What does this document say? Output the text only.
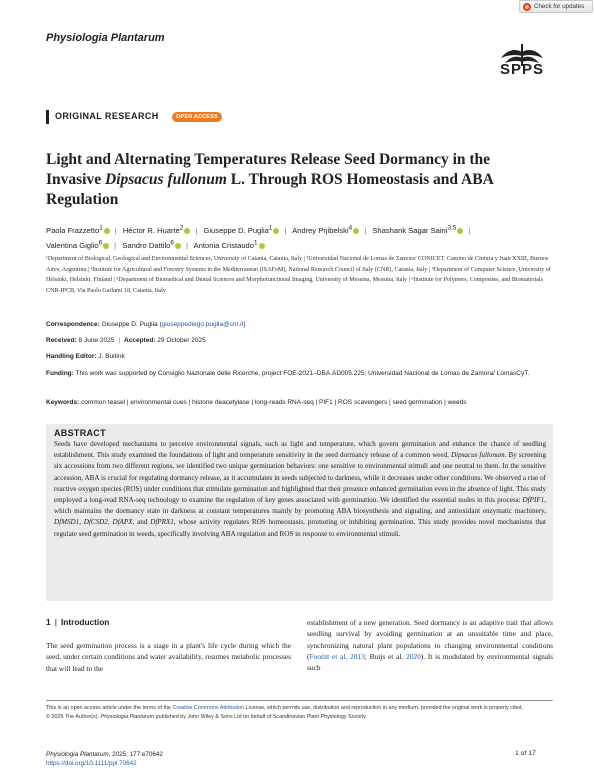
Check for updates
Physiologia Plantarum
SPPS
ORIGINAL RESEARCH	OPEN ACCESS
Light and Alternating Temperatures Release Seed Dormancy in the Invasive Dipsacus fullonum L. Through ROS Homeostasis and ABA Regulation
Paola Frazzetto$^1$ | Héctor R. Huarte$^2$ | Giuseppe D. Puglia$^1$ | Andrey Prjibelski$^4$ | Shashank Sagar Saini$^{3,5}$ |
Valentina Giglio$^6$ | Sandro Dattilo$^6$ | Antonia Cristaudo$^1$
¹Department of Biological, Geological and Environmental Sciences, University of Catania, Catania, Italy | ²Universidad Nacional de Lomas de Zamora/ CONICET. Camino de Cintura y Juan XXIII, Buenos Aires, Argentina | ³Institute for Agricultural and Forestry Systems in the Mediterranean (ISAFoM), National Research Council of Italy (CNR), Catania, Italy | ⁴Department of Computer Science, University of Helsinki, Helsinki, Finland | ⁵Department of Biomedical and Dental Sciences and Morphofunctional Imaging, University of Messina, Messina, Italy | ⁶Institute for Polymers, Composites, and Biomaterials CNR-IPCB, Via Paolo Gaifami 18, Catania, Italy
Correspondence: Giuseppe D. Puglia (giuseppediego.puglia@cnr.it)
Received: 8 June 2025 | Accepted: 29 October 2025
Handling Editor: J. Buitink
Funding: This work was supported by Consiglio Nazionale delle Ricerche, project FOE-2021–DBA.AD005.225; Universidad Nacional de Lomas de Zamora/ LomasCyT.
Keywords: common teasel | environmental cues | histone deacetylase | long-reads RNA-seq | PIF1 | ROS scavengers | seed germination | weeds
ABSTRACT
Seeds have developed mechanisms to perceive environmental signals, such as light and temperature, which govern germination and enhance the chance of seedling establishment. This study examined the foundations of light and temperature sensitivity in the seed dormancy release of a common weed, Dipsacus fullonum. By screening six accessions from two different regions, we identified two unique germination behaviors: one sensitive to environmental stimuli and one neutral to them. In the sensitive accession, ABA is crucial for regulating dormancy release, as it accumulates in seeds subjected to darkness, while it decreases under other conditions. We observed a rise of reactive oxygen species (ROS) under conditions that stimulate germination and highlighted that their presence enhanced germination even in the absence of light. This study employed a long-read RNA-seq technology to examine the regulation of key genes associated with germination. We identified the essential nodes in this process: DfPIF1, which maintains the dormancy state in darkness at constant temperatures mainly by promoting ABA biosynthesis and signaling, and antioxidant enzymatic machinery, DfMSD1, DfCSD2, DfAPX, and DfPRX1, whose activity regulates ROS homeostasis, promoting or inhibiting germination. This study provides novel mechanisms that regulate seed germination in weeds, specifically involving ABA regulation and ROS in response to environmental stimuli.
1 | Introduction
The seed germination process is a stage in a plant's life cycle during which the seed, under certain conditions and water availability, resumes metabolic processes that will lead to the
establishment of a new generation. Seed dormancy is an adaptive trait that allows seedling survival by avoiding germination at an unsuitable time and place, synchronizing natural plant populations to changing environmental conditions (Footitt et al. 2013; Buijs et al. 2020). It is modulated by environmental signals such
This is an open access article under the terms of the Creative Commons Attribution License, which permits use, distribution and reproduction in any medium, provided the original work is properly cited.
© 2025 The Author(s). Physiologia Plantarum published by John Wiley & Sons Ltd on behalf of Scandinavian Plant Physiology Society.
Physiologia Plantarum, 2025; 177:e70642
https://doi.org/10.1111/ppl.70642
1 of 17
